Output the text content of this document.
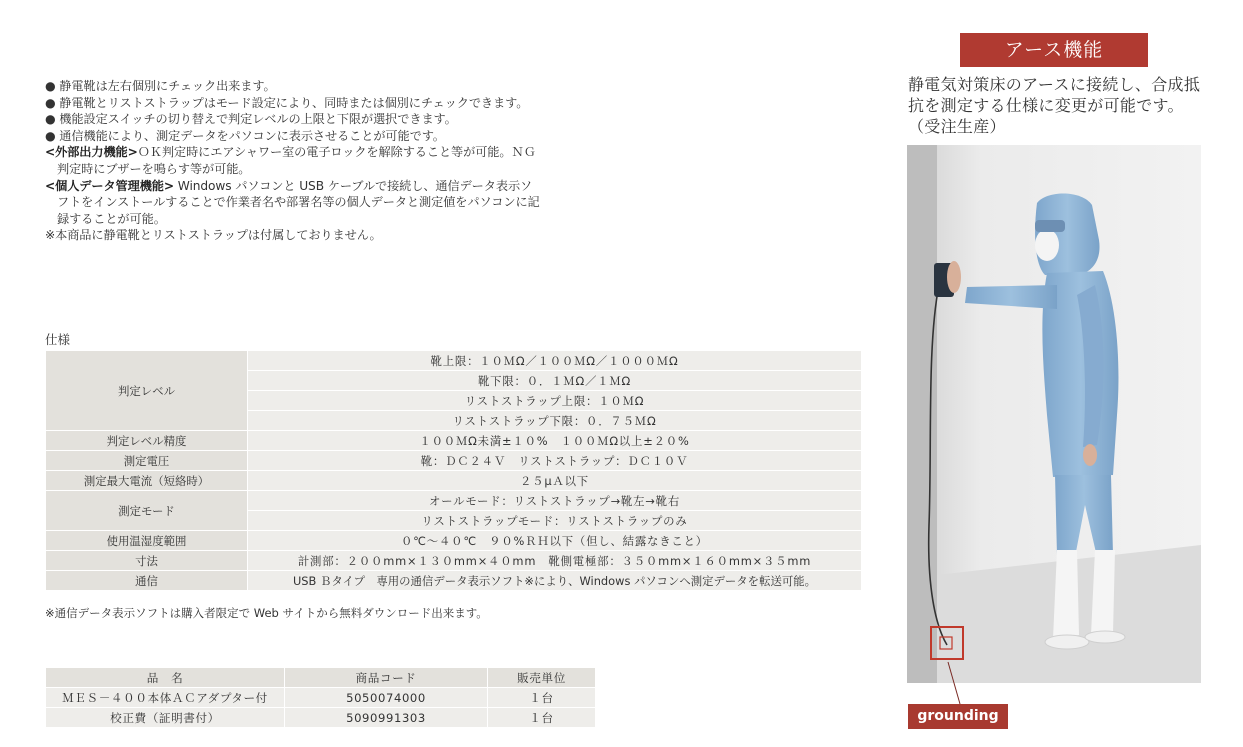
● 静電靴は左右個別にチェック出来ます。
● 静電靴とリストストラップはモード設定により、同時または個別にチェックできます。
● 機能設定スイッチの切り替えで判定レベルの上限と下限が選択できます。
● 通信機能により、測定データをパソコンに表示させることが可能です。
<外部出力機能>ＯＫ判定時にエアシャワー室の電子ロックを解除すること等が可能。ＮＧ
判定時にブザーを鳴らす等が可能。
<個人データ管理機能> Windows パソコンと USB ケーブルで接続し、通信データ表示ソ
フトをインストールすることで作業者名や部署名等の個人データと測定値をパソコンに記
録することが可能。
※本商品に静電靴とリストストラップは付属しておりません。
仕様
判定レベル	靴上限：１０ＭΩ／１００ＭΩ／１０００ＭΩ
	靴下限：０．１ＭΩ／１ＭΩ
	リストストラップ上限：１０ＭΩ
	リストストラップ下限：０．７５ＭΩ
判定レベル精度	１００ＭΩ未満±１０%　１００ＭΩ以上±２０%
測定電圧	靴：ＤＣ２４Ｖ　リストストラップ：ＤＣ１０Ｖ
測定最大電流（短絡時）	２５μＡ以下
測定モード	オールモード：リストストラップ→靴左→靴右
	リストストラップモード：リストストラップのみ
使用温湿度範囲	０℃～４０℃　９０%ＲＨ以下（但し、結露なきこと）
寸法	計測部：２００mm×１３０mm×４０mm　靴側電極部：３５０mm×１６０mm×３５mm
通信	USB Ｂタイプ　専用の通信データ表示ソフト※により、Windows パソコンへ測定データを転送可能。
※通信データ表示ソフトは購入者限定で Web サイトから無料ダウンロード出来ます。
品　名	商品コード	販売単位
ＭＥＳ－４００本体ＡＣアダプター付	5050074000	１台
校正費（証明書付）	5090991303	１台
アース機能
静電気対策床のアースに接続し、合成抵抗を測定する仕様に変更が可能です。（受注生産）
grounding
